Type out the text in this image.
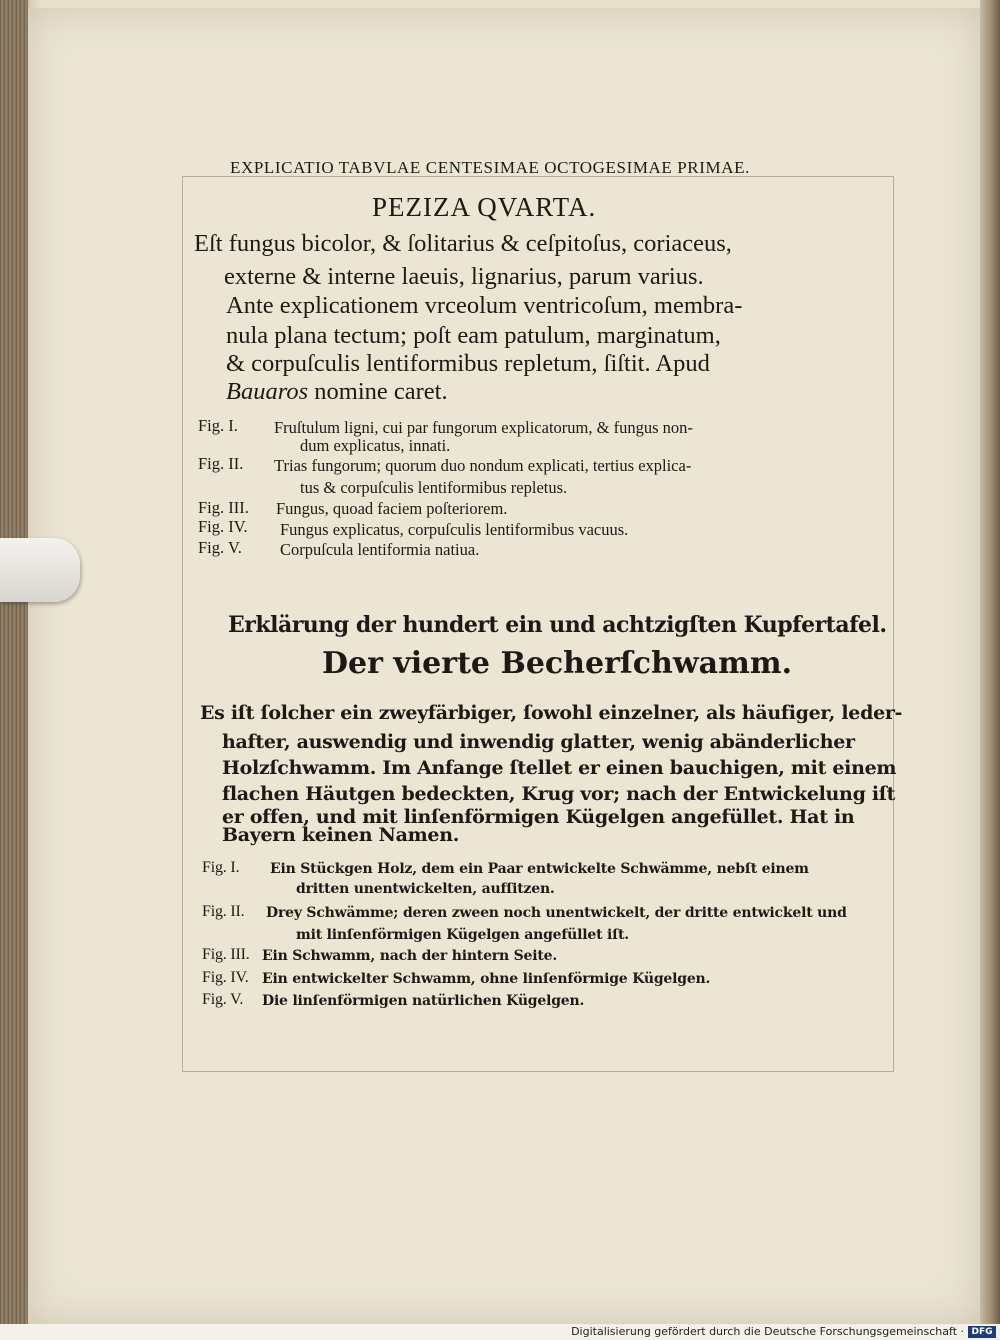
EXPLICATIO TABVLAE CENTESIMAE OCTOGESIMAE PRIMAE.
PEZIZA QVARTA.
Eſt fungus bicolor, & ſolitarius & ceſpitoſus, coriaceus,
externe & interne laeuis, lignarius, parum varius.
Ante explicationem vrceolum ventricoſum, membra-
nula plana tectum; poſt eam patulum, marginatum,
& corpuſculis lentiformibus repletum, ſiſtit. Apud
Bauaros nomine caret.
Fig. I. Fruſtulum ligni, cui par fungorum explicatorum, & fungus non-
dum explicatus, innati.
Fig. II. Trias fungorum; quorum duo nondum explicati, tertius explica-
tus & corpuſculis lentiformibus repletus.
Fig. III. Fungus, quoad faciem poſteriorem.
Fig. IV. Fungus explicatus, corpuſculis lentiformibus vacuus.
Fig. V. Corpuſcula lentiformia natiua.
Erklärung der hundert ein und achtzigſten Kupfertafel.
Der vierte Becherſchwamm.
Es iſt ſolcher ein zweyfärbiger, ſowohl einzelner, als häufiger, leder-
hafter, auswendig und inwendig glatter, wenig abänderlicher
Holzſchwamm. Im Anfange ſtellet er einen bauchigen, mit einem
flachen Häutgen bedeckten, Krug vor; nach der Entwickelung iſt
er offen, und mit linſenförmigen Kügelgen angefüllet. Hat in
Bayern keinen Namen.
Fig. I. Ein Stückgen Holz, dem ein Paar entwickelte Schwämme, nebſt einem
dritten unentwickelten, aufſitzen.
Fig. II. Drey Schwämme; deren zween noch unentwickelt, der dritte entwickelt und
mit linſenförmigen Kügelgen angefüllet iſt.
Fig. III. Ein Schwamm, nach der hintern Seite.
Fig. IV. Ein entwickelter Schwamm, ohne linſenförmige Kügelgen.
Fig. V. Die linſenförmigen natürlichen Kügelgen.
Digitalisierung gefördert durch die Deutsche Forschungsgemeinschaft · DFG
